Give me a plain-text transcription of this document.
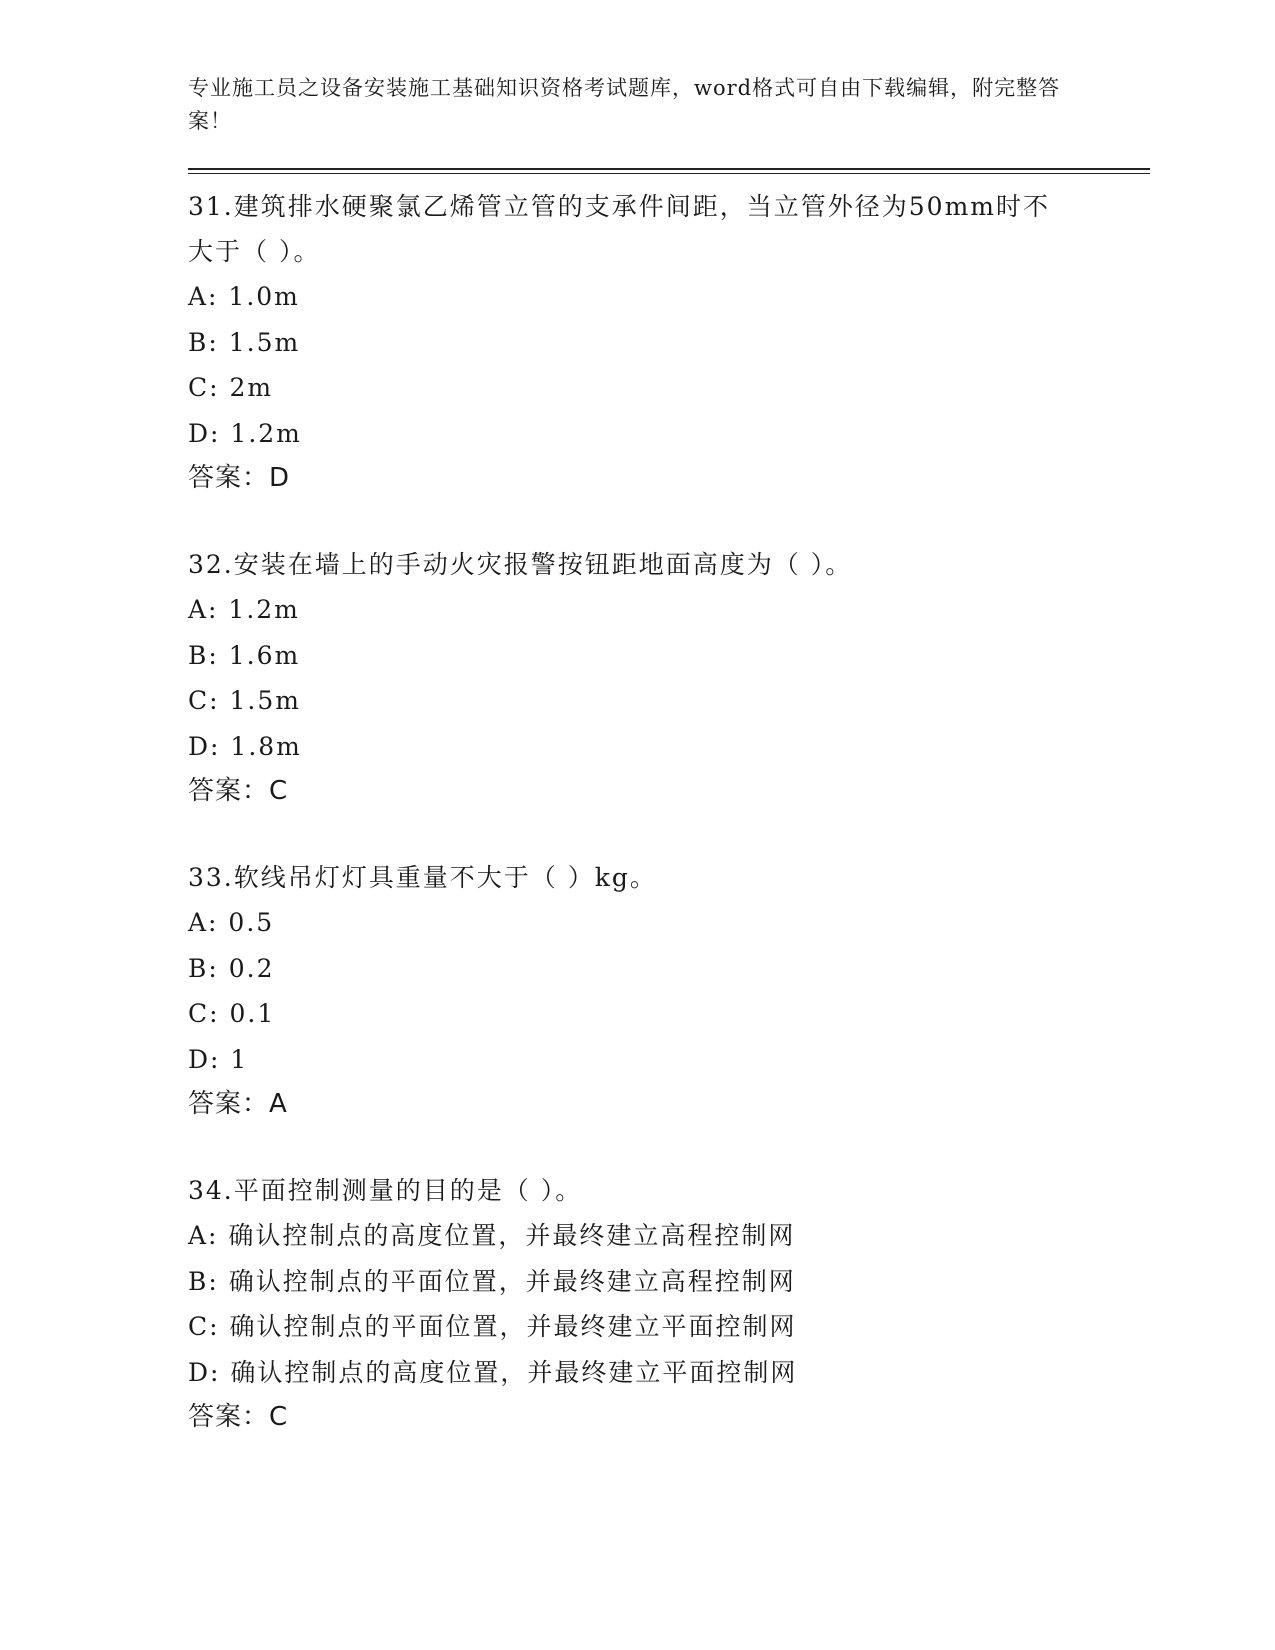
专业施工员之设备安装施工基础知识资格考试题库，word格式可自由下载编辑，附完整答案！

31.建筑排水硬聚氯乙烯管立管的支承件间距，当立管外径为50mm时不大于（ ）。

A: 1.0m

B: 1.5m

C: 2m

D: 1.2m

答案：D

32.安装在墙上的手动火灾报警按钮距地面高度为（ ）。

A: 1.2m

B: 1.6m

C: 1.5m

D: 1.8m

答案：C

33.软线吊灯灯具重量不大于（ ）kg。

A: 0.5

B: 0.2

C: 0.1

D: 1

答案：A

34.平面控制测量的目的是（ ）。

A: 确认控制点的高度位置，并最终建立高程控制网

B: 确认控制点的平面位置，并最终建立高程控制网

C: 确认控制点的平面位置，并最终建立平面控制网

D: 确认控制点的高度位置，并最终建立平面控制网

答案：C
